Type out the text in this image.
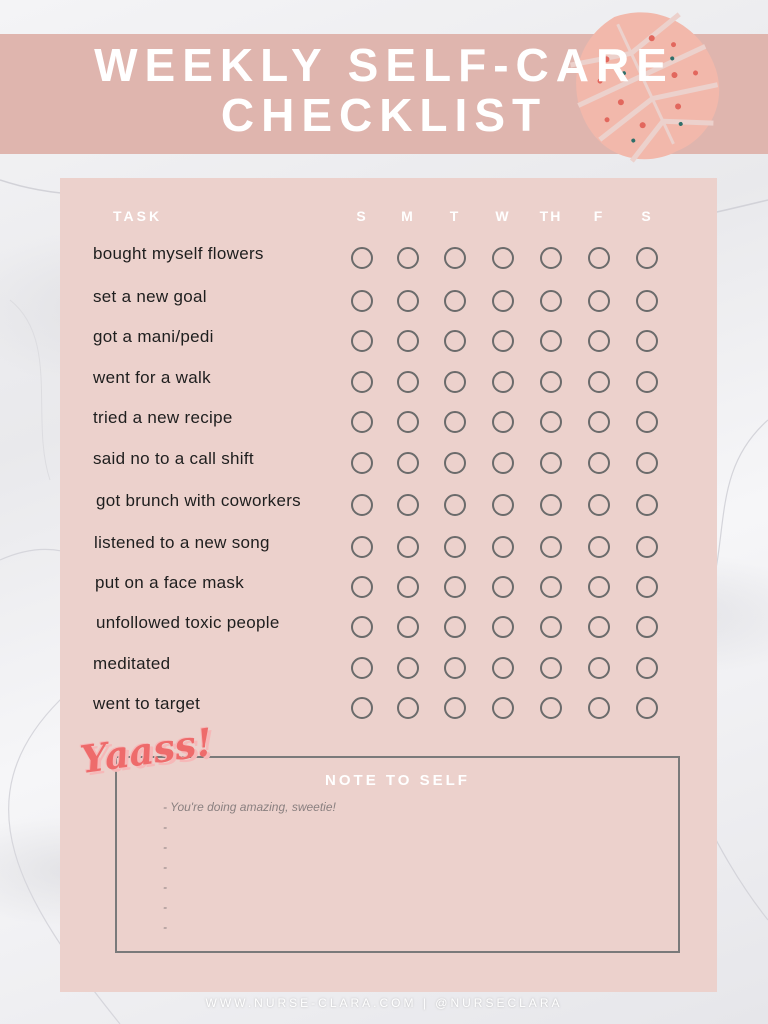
WEEKLY SELF-CARE CHECKLIST
TASK	S	M	T	W	TH	F	S
bought myself flowers
set a new goal
got a mani/pedi
went for a walk
tried a new recipe
said no to a call shift
got brunch with coworkers
listened to a new song
put on a face mask
unfollowed toxic people
meditated
went to target
NOTE TO SELF
- You're doing amazing, sweetie!
-
-
-
-
-
-
Yaass!
WWW.NURSE-CLARA.COM | @NURSECLARA
